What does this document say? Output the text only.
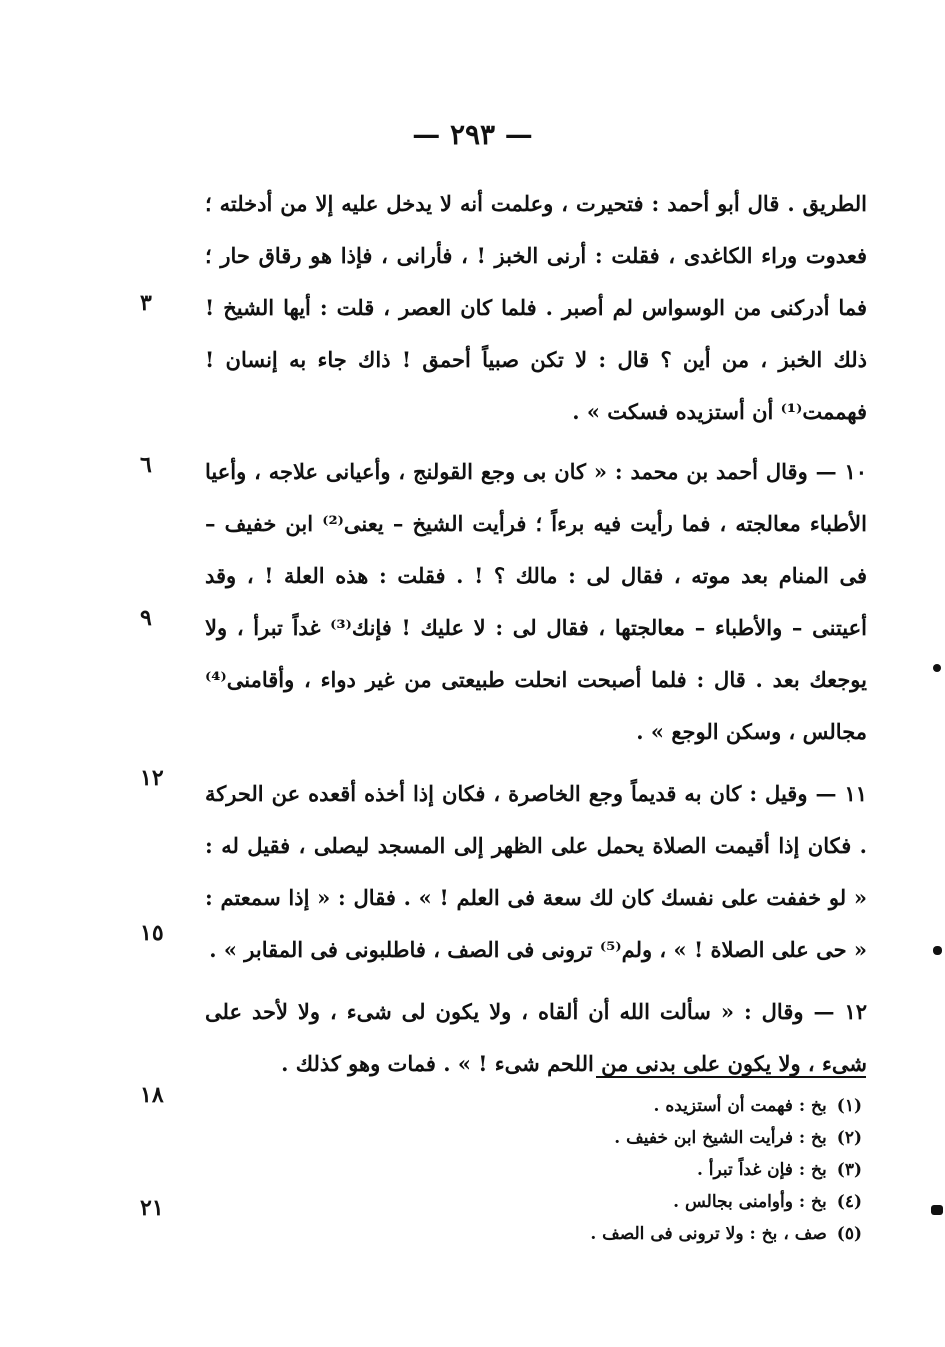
— ٢٩٣ —
٣
٦
٩
١٢
١٥
١٨
٢١

الطريق . قال أبو أحمد : فتحيرت ، وعلمت أنه لا يدخل عليه إلا من أدخلته ؛ فعدوت وراء الكاغدى ، فقلت : أرنى الخبز ! ، فأرانى ، فإذا هو رقاق حار ؛ فما أدركنى من الوسواس لم أصبر . فلما كان العصر ، قلت : أيها الشيخ ! ذلك الخبز ، من أين ؟ قال : لا تكن صبياً أحمق ! ذاك جاء به إنسان ! فهممت⁽¹⁾ أن أستزيده فسكت » .

١٠ — وقال أحمد بن محمد : « كان بى وجع القولنج ، وأعيانى علاجه ، وأعيا الأطباء معالجته ، فما رأيت فيه برءاً ؛ فرأيت الشيخ – يعنى⁽²⁾ ابن خفيف – فى المنام بعد موته ، فقال لى : مالك ؟ ! . فقلت : هذه العلة ! ، وقد أعيتنى – والأطباء – معالجتها ، فقال لى : لا عليك ! فإنك⁽³⁾ غداً تبرأ ، ولا يوجعك بعد . قال : فلما أصبحت انحلت طبيعتى من غير دواء ، وأقامنى⁽⁴⁾ مجالس ، وسكن الوجع » .

١١ — وقيل : كان به قديماً وجع الخاصرة ، فكان إذا أخذه أقعده عن الحركة . فكان إذا أقيمت الصلاة يحمل على الظهر إلى المسجد ليصلى ، فقيل له : « لو خففت على نفسك كان لك سعة فى العلم ! » . فقال : « إذا سمعتم : « حى على الصلاة ! » ، ولم⁽⁵⁾ ترونى فى الصف ، فاطلبونى فى المقابر » .

١٢ — وقال : « سألت الله أن ألقاه ، ولا يكون لى شىء ، ولا لأحد على شىء ، ولا يكون على بدنى من اللحم شىء ! » . فمات وهو كذلك .

(١)بخ : فهمت أن أستزيده .
(٢)بخ : فرأيت الشيخ ابن خفيف .
(٣)بخ : فإن غداً تبرأ .
(٤)بخ : وأوامنى بجالس .
(٥)صف ، بخ : ولا ترونى فى الصف .
